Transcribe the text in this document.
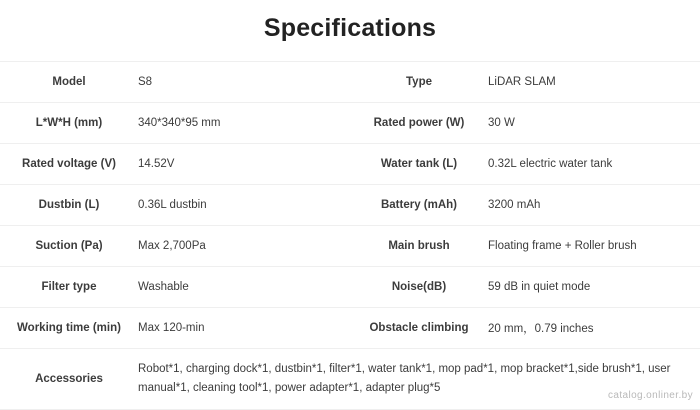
Specifications
Model	S8	Type	LiDAR SLAM
L*W*H (mm)	340*340*95 mm	Rated power (W)	30 W
Rated voltage (V)	14.52V	Water tank (L)	0.32L electric water tank
Dustbin (L)	0.36L dustbin	Battery (mAh)	3200 mAh
Suction (Pa)	Max 2,700Pa	Main brush	Floating frame + Roller brush
Filter type	Washable	Noise(dB)	59 dB in quiet mode
Working time (min)	Max 120-min	Obstacle climbing	20 mm，0.79 inches
Accessories	Robot*1, charging dock*1, dustbin*1, filter*1, water tank*1, mop pad*1, mop bracket*1,side brush*1, user manual*1, cleaning tool*1, power adapter*1, adapter plug*5		
catalog.onliner.by
